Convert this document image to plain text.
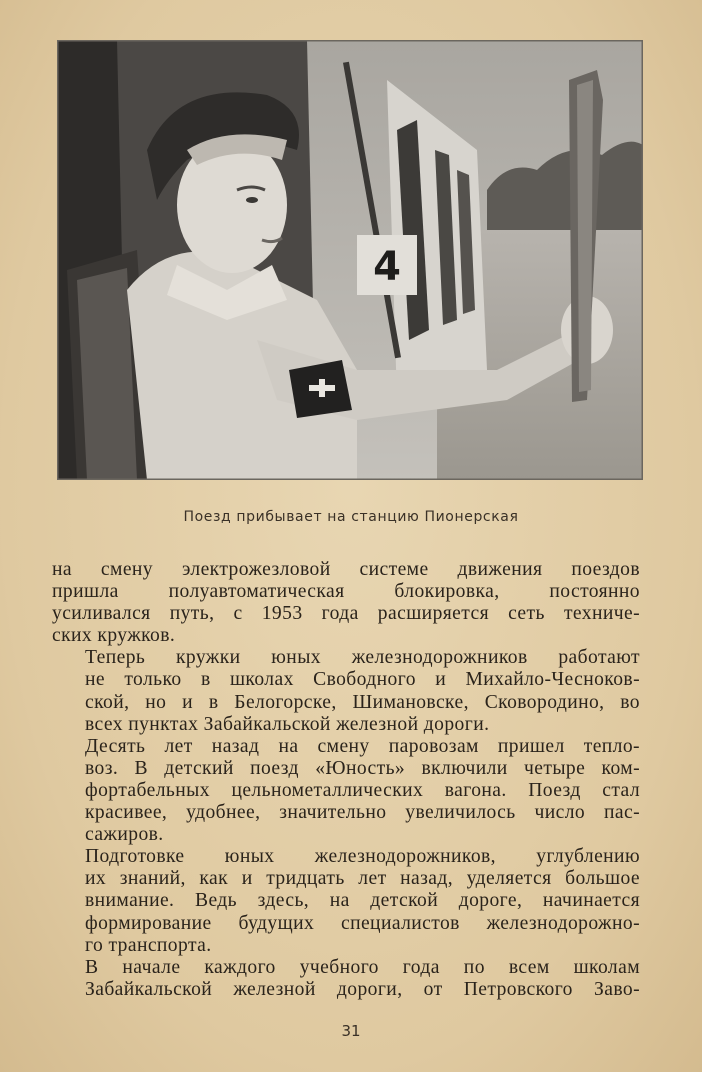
4
Поезд прибывает на станцию Пионерская

на смену электрожезловой системе движения поездов
пришла полуавтоматическая блокировка, постоянно
усиливался путь, с 1953 года расширяется сеть техниче-
ских кружков.

Теперь кружки юных железнодорожников работают
не только в школах Свободного и Михайло-Чесноков-
ской, но и в Белогорске, Шимановске, Сковородино, во
всех пунктах Забайкальской железной дороги.

Десять лет назад на смену паровозам пришел тепло-
воз. В детский поезд «Юность» включили четыре ком-
фортабельных цельнометаллических вагона. Поезд стал
красивее, удобнее, значительно увеличилось число пас-
сажиров.

Подготовке юных железнодорожников, углублению
их знаний, как и тридцать лет назад, уделяется большое
внимание. Ведь здесь, на детской дороге, начинается
формирование будущих специалистов железнодорожно-
го транспорта.

В начале каждого учебного года по всем школам
Забайкальской железной дороги, от Петровского Заво-

31
